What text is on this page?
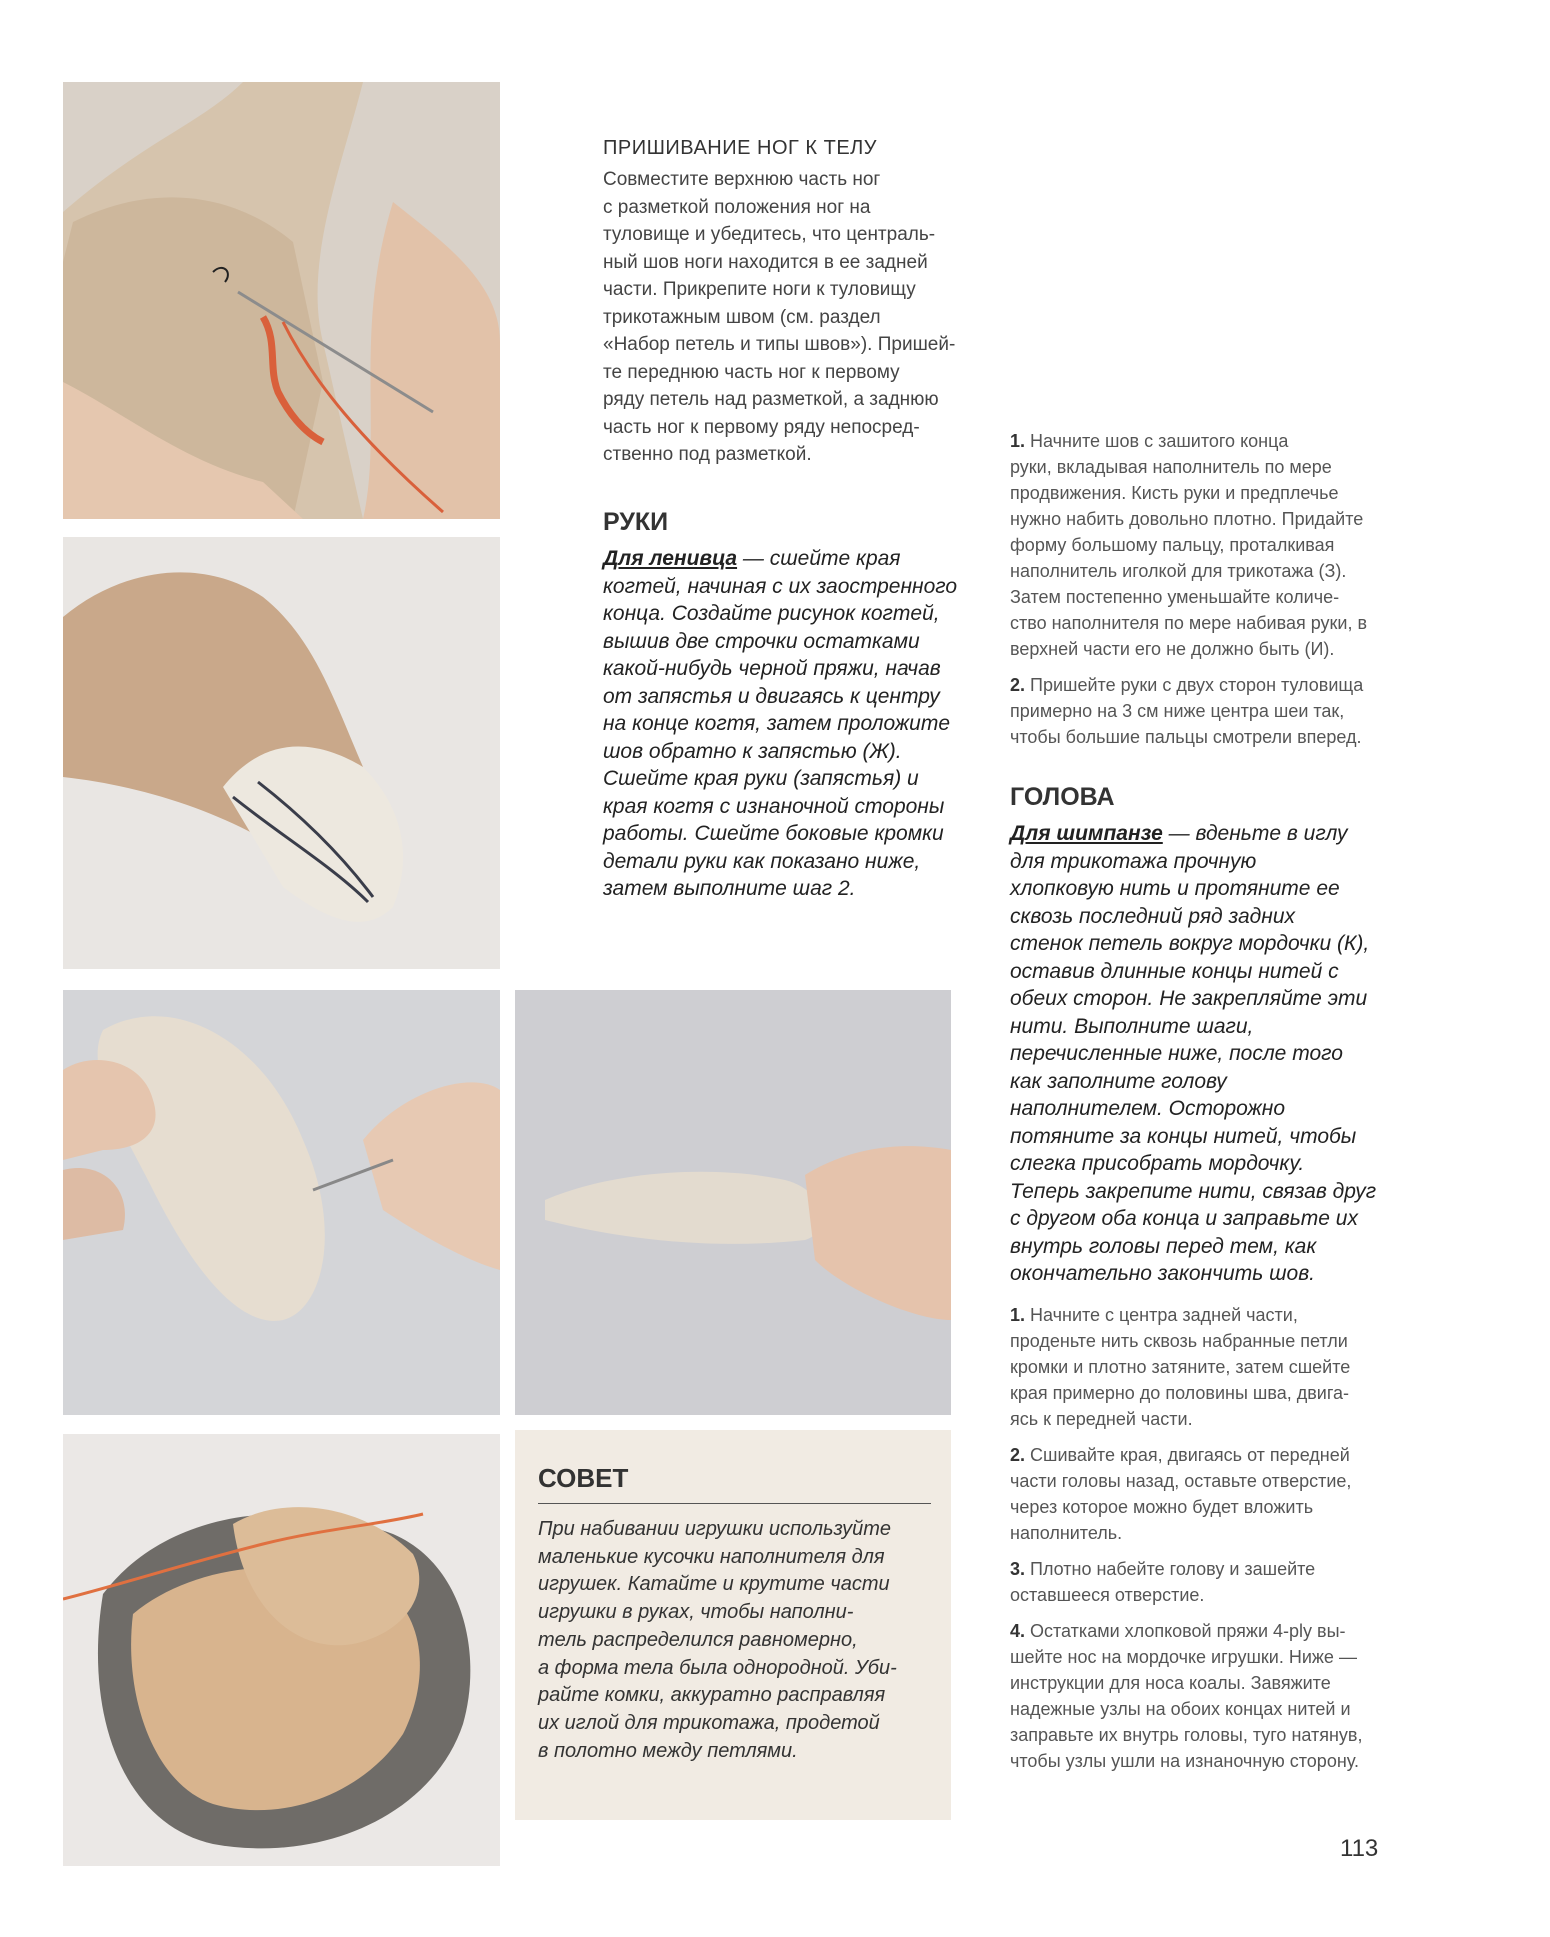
ПРИШИВАНИЕ НОГ К ТЕЛУ

Совместите верхнюю часть ног
с разметкой положения ног на
туловище и убедитесь, что централь-
ный шов ноги находится в ее задней
части. Прикрепите ноги к туловищу
трикотажным швом (см. раздел
«Набор петель и типы швов»). Пришей-
те переднюю часть ног к первому
ряду петель над разметкой, а заднюю
часть ног к первому ряду непосред-
ственно под разметкой.

РУКИ

Для ленивца — сшейте края
когтей, начиная с их заостренного
конца. Создайте рисунок когтей,
вышив две строчки остатками
какой-нибудь черной пряжи, начав
от запястья и двигаясь к центру
на конце когтя, затем проложите
шов обратно к запястью (Ж).
Сшейте края руки (запястья) и
края когтя с изнаночной стороны
работы. Сшейте боковые кромки
детали руки как показано ниже,
затем выполните шаг 2.

1. Начните шов с зашитого конца
руки, вкладывая наполнитель по мере
продвижения. Кисть руки и предплечье
нужно набить довольно плотно. Придайте
форму большому пальцу, проталкивая
наполнитель иголкой для трикотажа (З).
Затем постепенно уменьшайте количе-
ство наполнителя по мере набивая руки, в
верхней части его не должно быть (И).

2. Пришейте руки с двух сторон туловища
примерно на 3 см ниже центра шеи так,
чтобы большие пальцы смотрели вперед.

ГОЛОВА

Для шимпанзе — вденьте в иглу
для трикотажа прочную
хлопковую нить и протяните ее
сквозь последний ряд задних
стенок петель вокруг мордочки (К),
оставив длинные концы нитей с
обеих сторон. Не закрепляйте эти
нити. Выполните шаги,
перечисленные ниже, после того
как заполните голову
наполнителем. Осторожно
потяните за концы нитей, чтобы
слегка присобрать мордочку.
Теперь закрепите нити, связав друг
с другом оба конца и заправьте их
внутрь головы перед тем, как
окончательно закончить шов.

1. Начните с центра задней части,
проденьте нить сквозь набранные петли
кромки и плотно затяните, затем сшейте
края примерно до половины шва, двига-
ясь к передней части.

2. Сшивайте края, двигаясь от передней
части головы назад, оставьте отверстие,
через которое можно будет вложить
наполнитель.

3. Плотно набейте голову и зашейте
оставшееся отверстие.

4. Остатками хлопковой пряжи 4-ply вы-
шейте нос на мордочке игрушки. Ниже —
инструкции для носа коалы. Завяжите
надежные узлы на обоих концах нитей и
заправьте их внутрь головы, туго натянув,
чтобы узлы ушли на изнаночную сторону.

СОВЕТ

При набивании игрушки используйте
маленькие кусочки наполнителя для
игрушек. Катайте и крутите части
игрушки в руках, чтобы наполни-
тель распределился равномерно,
а форма тела была однородной. Уби-
райте комки, аккуратно расправляя
их иглой для трикотажа, продетой
в полотно между петлями.

113
